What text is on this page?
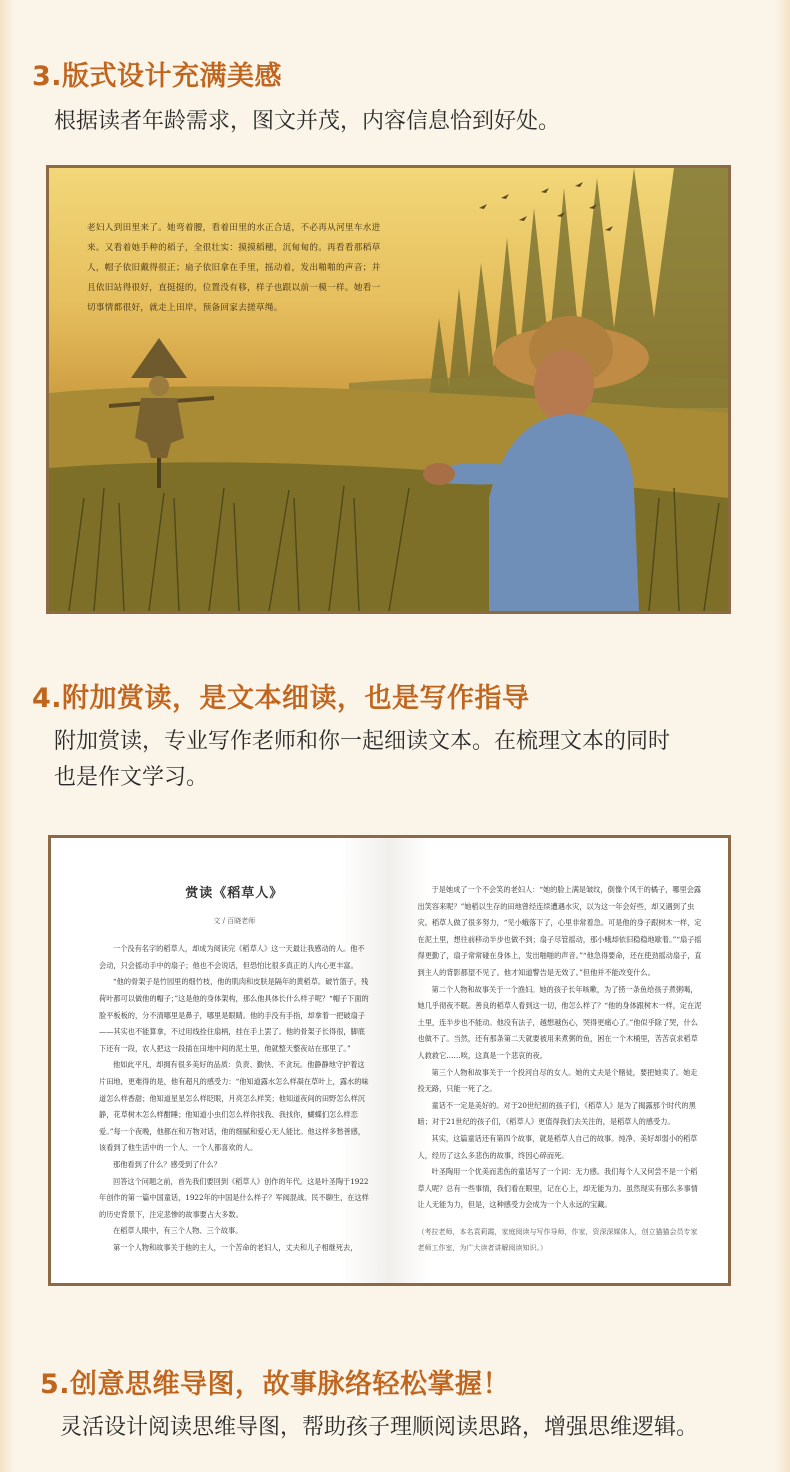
3.版式设计充满美感

根据读者年龄需求，图文并茂，内容信息恰到好处。

老妇人到田里来了。她弯着腰，看着田里的水正合适，不必再从河里车水进来。又看着她手种的稻子，全很壮实：摸摸稻穗，沉甸甸的。再看看那稻草人，帽子依旧戴得很正；扇子依旧拿在手里，摇动着，发出啪啪的声音；并且依旧站得很好，直挺挺的，位置没有移，样子也跟以前一模一样。她看一切事情都很好，就走上田岸，预备回家去搓草绳。

4.附加赏读，是文本细读，也是写作指导

附加赏读，专业写作老师和你一起细读文本。在梳理文本的同时

也是作文学习。

赏读《稻草人》

文 / 百晓老师

一个没有名字的稻草人，却成为阅读完《稻草人》这一天最让我感动的人。他不会动，只会摇动手中的扇子；他也不会说话，但恐怕比很多真正的人内心更丰富。

“他的骨架子是竹园里的细竹枝，他的肌肉和皮肤是隔年的黄稻草。破竹篮子，残荷叶都可以做他的帽子；”这是他的身体架构，那么他具体长什么样子呢？“帽子下面的脸平板板的，分不清哪里是鼻子，哪里是眼睛。他的手没有手指，却拿着一把破扇子——其实也不能算拿，不过用线拴住扇柄，挂在手上罢了。他的骨架子长得很，脚底下还有一段，农人把这一段插在田地中间的泥土里，他就整天整夜站在那里了。”

他如此平凡，却拥有很多美好的品质：负责、勤快、不贪玩。他静静地守护着这片田地，更难得的是，他有超凡的感受力：“他知道露水怎么样凝在草叶上，露水的味道怎么样香甜；他知道星星怎么样眨眼，月亮怎么样笑；他知道夜间的田野怎么样沉静，花草树木怎么样酣睡；他知道小虫们怎么样你找我、我找你，蝴蝶们怎么样恋爱。”每一个夜晚，他都在和万物对话，他的细腻和爱心无人能比。他这样多愁善感，该看到了他生活中的一个人、一个人都喜欢的人。

那他看到了什么？感受到了什么？

回答这个问题之前，首先我们要回到《稻草人》创作的年代。这是叶圣陶于1922年创作的第一篇中国童话，1922年的中国是什么样子？军阀混战、民不聊生，在这样的历史背景下，注定悲惨的故事要占大多数。

在稻草人眼中，有三个人物、三个故事。

第一个人物和故事关于他的主人，一个苦命的老妇人，丈夫和儿子相继死去，

于是她成了一个不会笑的老妇人：“她的脸上满是皱纹，倒像个风干的橘子，哪里会露出笑容来呢？”她稻以生存的田地曾经连续遭遇水灾，以为这一年会好些，却又遇到了虫灾。稻草人做了很多努力，“见小蛾落下了，心里非常着急。可是他的身子跟树木一样，定在泥土里，想往前移动半步也做不到；扇子尽管摇动，那小蛾却依旧稳稳地歇着。”“扇子摇得更勤了，扇子常常碰在身体上，发出啪啪的声音。”“他急得要命，还在使劲摇动扇子，直到主人的背影都望不见了。他才知道警告是无效了。”但他并不能改变什么。

第二个人物和故事关于一个渔妇。她的孩子长年咳嗽，为了捞一条鱼给孩子煮粥喝，她几乎彻夜不眠。善良的稻草人看到这一切，他怎么样了？“他的身体跟树木一样，定在泥土里，连半步也不能动。他没有法子，越想越伤心，哭得更痛心了。”他似乎除了哭，什么也做不了。当然，还有那条第二天就要被用来煮粥的鱼，困在一个木桶里，苦苦哀求稻草人救救它……唉，这真是一个悲哀的夜。

第三个人物和故事关于一个投河自尽的女人。她的丈夫是个赌徒，要把她卖了。她走投无路，只能一死了之。

童话不一定是美好的。对于20世纪初的孩子们，《稻草人》是为了揭露那个时代的黑暗；对于21世纪的孩子们，《稻草人》更值得我们去关注的，是稻草人的感受力。

其实，这篇童话还有第四个故事，就是稻草人自己的故事。纯净、美好却弱小的稻草人，经历了这么多悲伤的故事，终因心碎而死。

叶圣陶用一个优美而悲伤的童话写了一个词：无力感。我们每个人又何尝不是一个稻草人呢？总有一些事情，我们看在眼里，记在心上，却无能为力。虽然现实有那么多事情让人无能为力，但是，这种感受力会成为一个人永远的宝藏。

（考拉老师，本名袁莉霞，家庭阅读与写作导师，作家，资深深媒体人，创立猫猫会员专家老师工作室，为广大读者讲解阅读知识。）

5.创意思维导图，故事脉络轻松掌握！

灵活设计阅读思维导图，帮助孩子理顺阅读思路，增强思维逻辑。
